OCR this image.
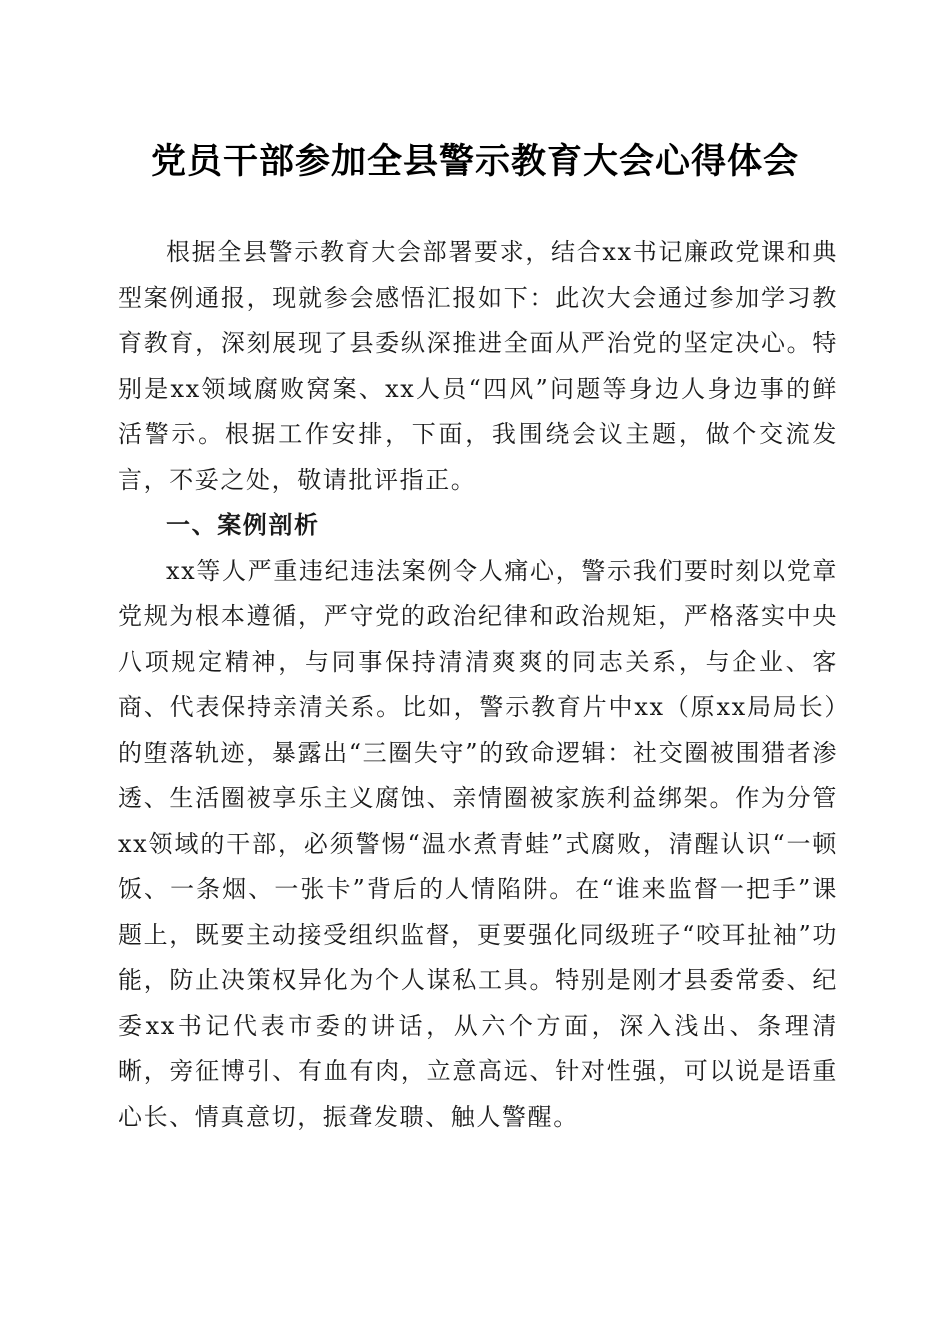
党员干部参加全县警示教育大会心得体会

根据全县警示教育大会部署要求，结合xx书记廉政党课和典型案例通报，现就参会感悟汇报如下：此次大会通过参加学习教育教育，深刻展现了县委纵深推进全面从严治党的坚定决心。特别是xx领域腐败窝案、xx人员“四风”问题等身边人身边事的鲜活警示。根据工作安排，下面，我围绕会议主题，做个交流发言，不妥之处，敬请批评指正。

一、案例剖析

xx等人严重违纪违法案例令人痛心，警示我们要时刻以党章党规为根本遵循，严守党的政治纪律和政治规矩，严格落实中央八项规定精神，与同事保持清清爽爽的同志关系，与企业、客商、代表保持亲清关系。比如，警示教育片中xx（原xx局局长）的堕落轨迹，暴露出“三圈失守”的致命逻辑：社交圈被围猎者渗透、生活圈被享乐主义腐蚀、亲情圈被家族利益绑架。作为分管xx领域的干部，必须警惕“温水煮青蛙”式腐败，清醒认识“一顿饭、一条烟、一张卡”背后的人情陷阱。在“谁来监督一把手”课题上，既要主动接受组织监督，更要强化同级班子“咬耳扯袖”功能，防止决策权异化为个人谋私工具。特别是刚才县委常委、纪委xx书记代表市委的讲话，从六个方面，深入浅出、条理清晰，旁征博引、有血有肉，立意高远、针对性强，可以说是语重心长、情真意切，振聋发聩、触人警醒。
